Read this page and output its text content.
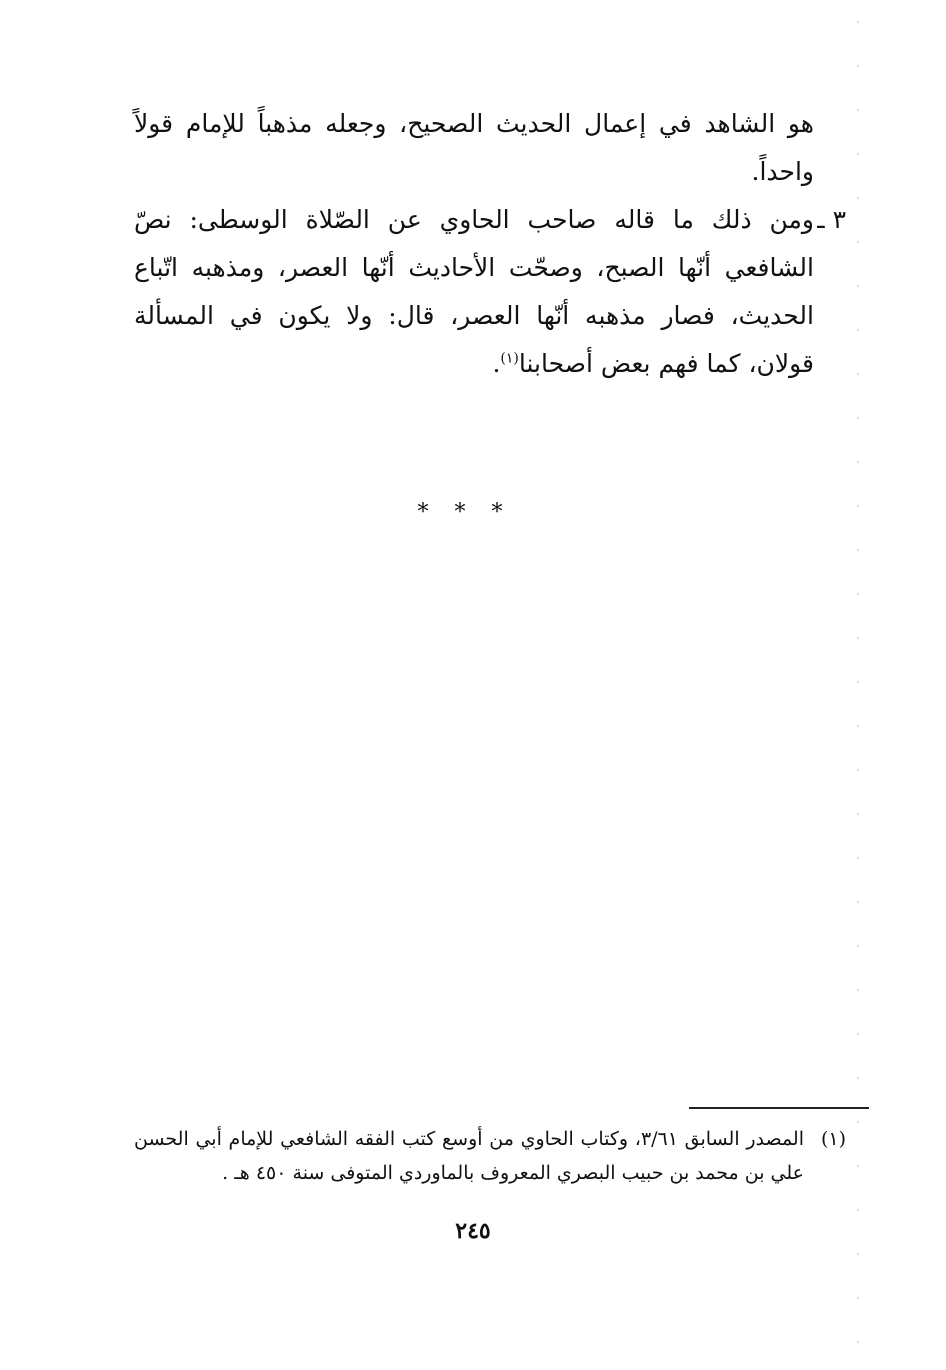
هو الشاهد في إعمال الحديث الصحيح، وجعله مذهباً للإمام قولاً واحداً.

٣ ـ
ومن ذلك ما قاله صاحب الحاوي عن الصّلاة الوسطى: نصّ الشافعي أنّها الصبح، وصحّت الأحاديث أنّها العصر، ومذهبه اتّباع الحديث، فصار مذهبه أنّها العصر، قال: ولا يكون في المسألة قولان، كما فهم بعض أصحابنا$^{(١)}$.
***
(١)
المصدر السابق ٣/٦١، وكتاب الحاوي من أوسع كتب الفقه الشافعي للإمام أبي الحسن علي بن محمد بن حبيب البصري المعروف بالماوردي المتوفى سنة ٤٥٠ هـ .
٢٤٥
